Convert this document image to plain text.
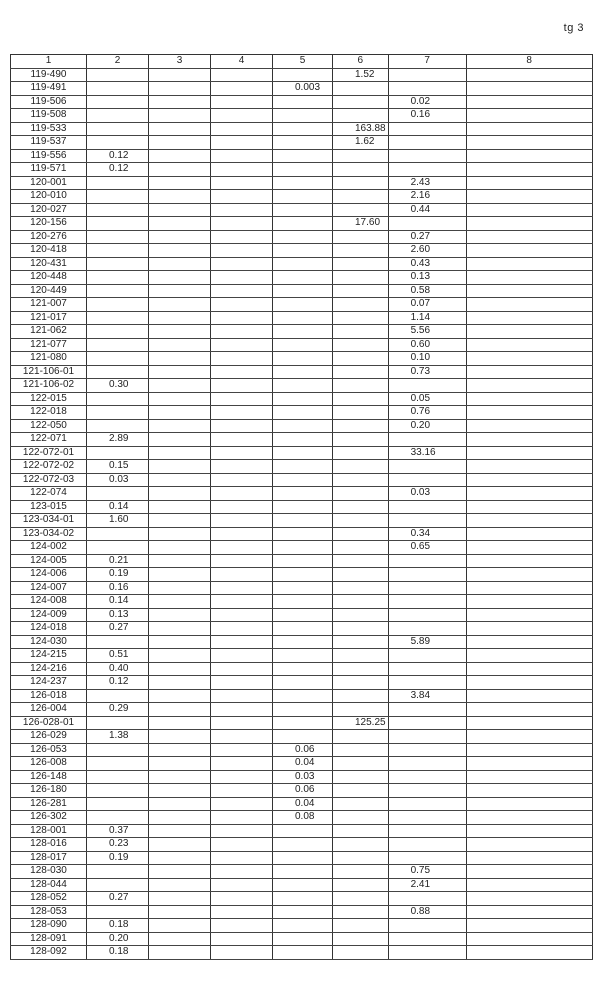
tg 3
1	2	3	4	5	6	7	8
119-490					1.52		
119-491				0.003			
119-506						0.02	
119-508						0.16	
119-533					163.88		
119-537					1.62		
119-556	0.12						
119-571	0.12						
120-001						2.43	
120-010						2.16	
120-027						0.44	
120-156					17.60		
120-276						0.27	
120-418						2.60	
120-431						0.43	
120-448						0.13	
120-449						0.58	
121-007						0.07	
121-017						1.14	
121-062						5.56	
121-077						0.60	
121-080						0.10	
121-106-01						0.73	
121-106-02	0.30						
122-015						0.05	
122-018						0.76	
122-050						0.20	
122-071	2.89						
122-072-01						33.16	
122-072-02	0.15						
122-072-03	0.03						
122-074						0.03	
123-015	0.14						
123-034-01	1.60						
123-034-02						0.34	
124-002						0.65	
124-005	0.21						
124-006	0.19						
124-007	0.16						
124-008	0.14						
124-009	0.13						
124-018	0.27						
124-030						5.89	
124-215	0.51						
124-216	0.40						
124-237	0.12						
126-018						3.84	
126-004	0.29						
126-028-01					125.25		
126-029	1.38						
126-053				0.06			
126-008				0.04			
126-148				0.03			
126-180				0.06			
126-281				0.04			
126-302				0.08			
128-001	0.37						
128-016	0.23						
128-017	0.19						
128-030						0.75	
128-044						2.41	
128-052	0.27						
128-053						0.88	
128-090	0.18						
128-091	0.20						
128-092	0.18						
